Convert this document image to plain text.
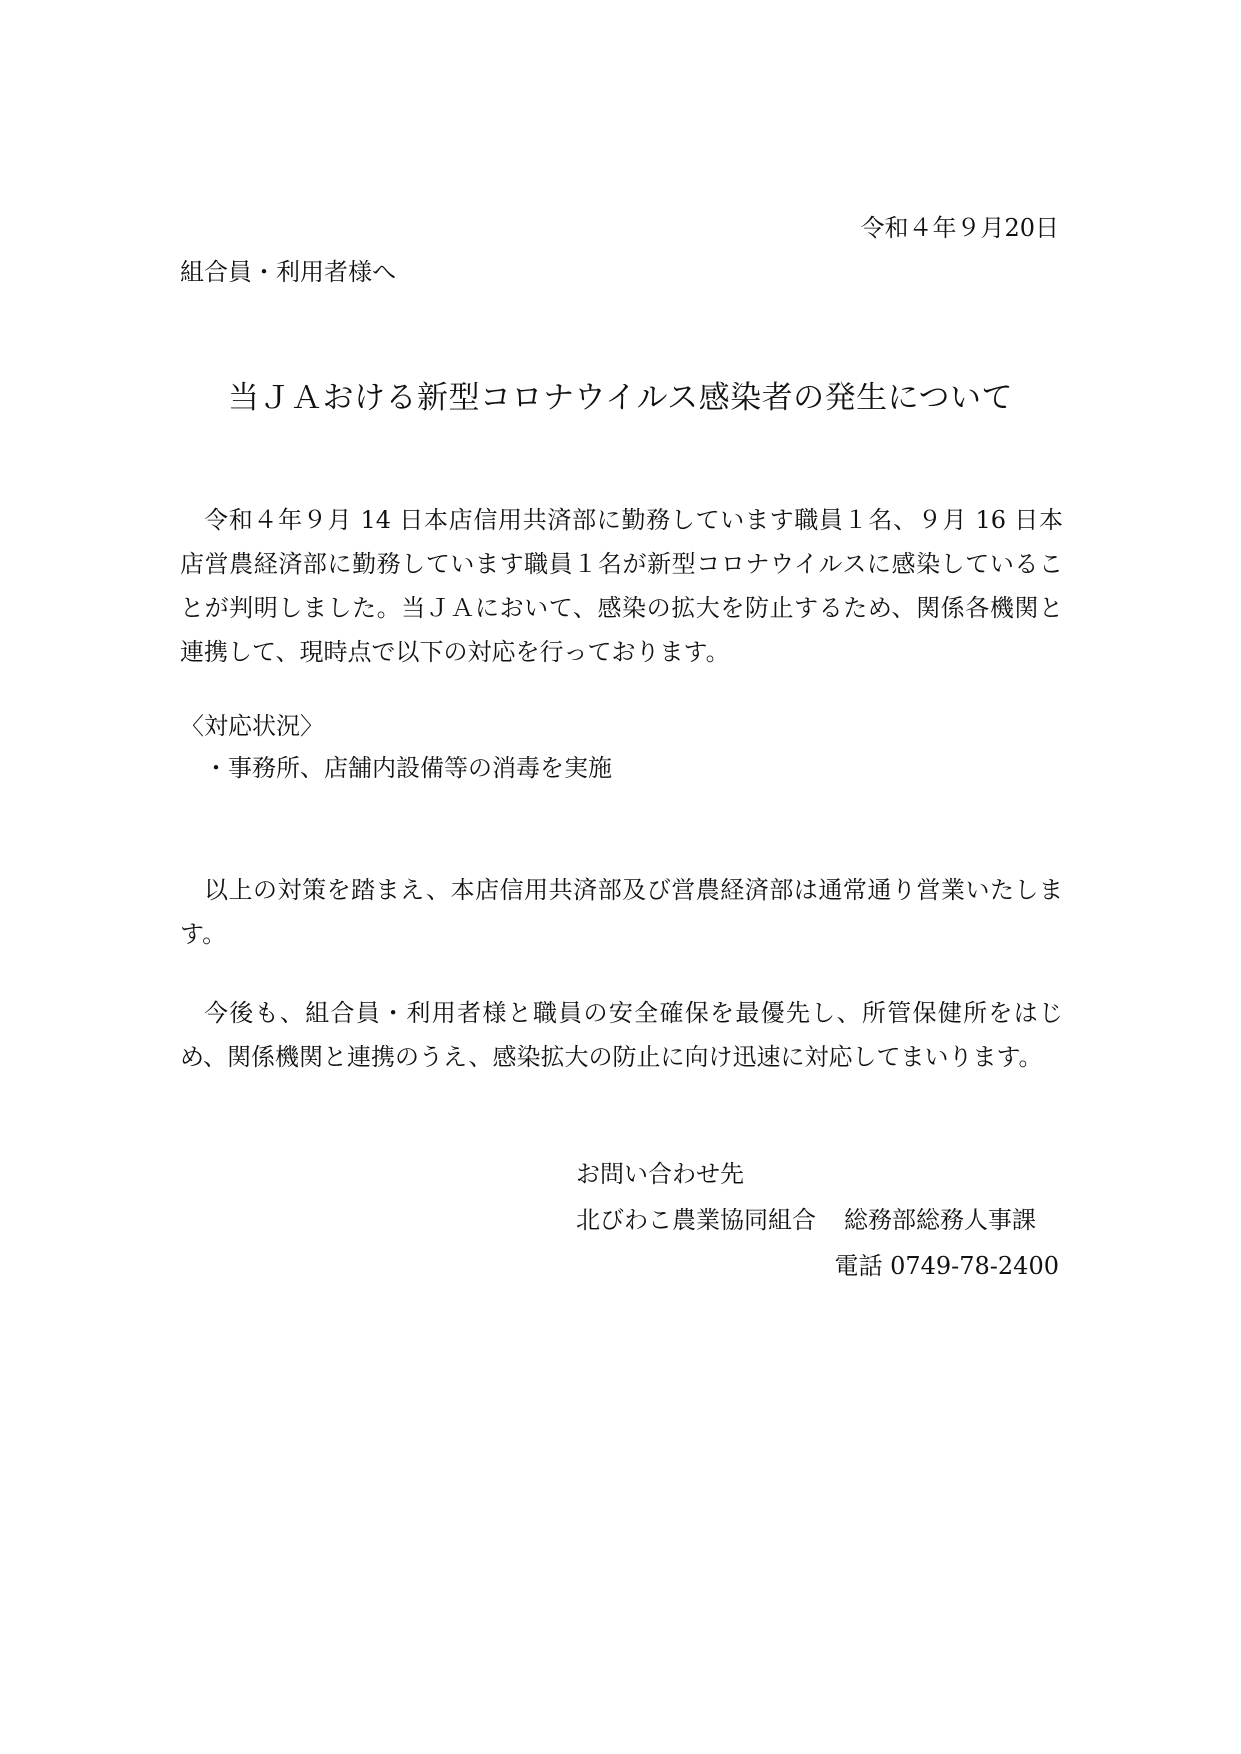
令和４年９月20日
組合員・利用者様へ
当ＪＡおける新型コロナウイルス感染者の発生について

令和４年９月 14 日本店信用共済部に勤務しています職員１名、９月 16 日本店営農経済部に勤務しています職員１名が新型コロナウイルスに感染していることが判明しました。当ＪＡにおいて、感染の拡大を防止するため、関係各機関と連携して、現時点で以下の対応を行っております。

〈対応状況〉
・事務所、店舗内設備等の消毒を実施

以上の対策を踏まえ、本店信用共済部及び営農経済部は通常通り営業いたします。

今後も、組合員・利用者様と職員の安全確保を最優先し、所管保健所をはじめ、関係機関と連携のうえ、感染拡大の防止に向け迅速に対応してまいります。

お問い合わせ先
北びわこ農業協同組合 総務部総務人事課
電話 0749-78-2400
